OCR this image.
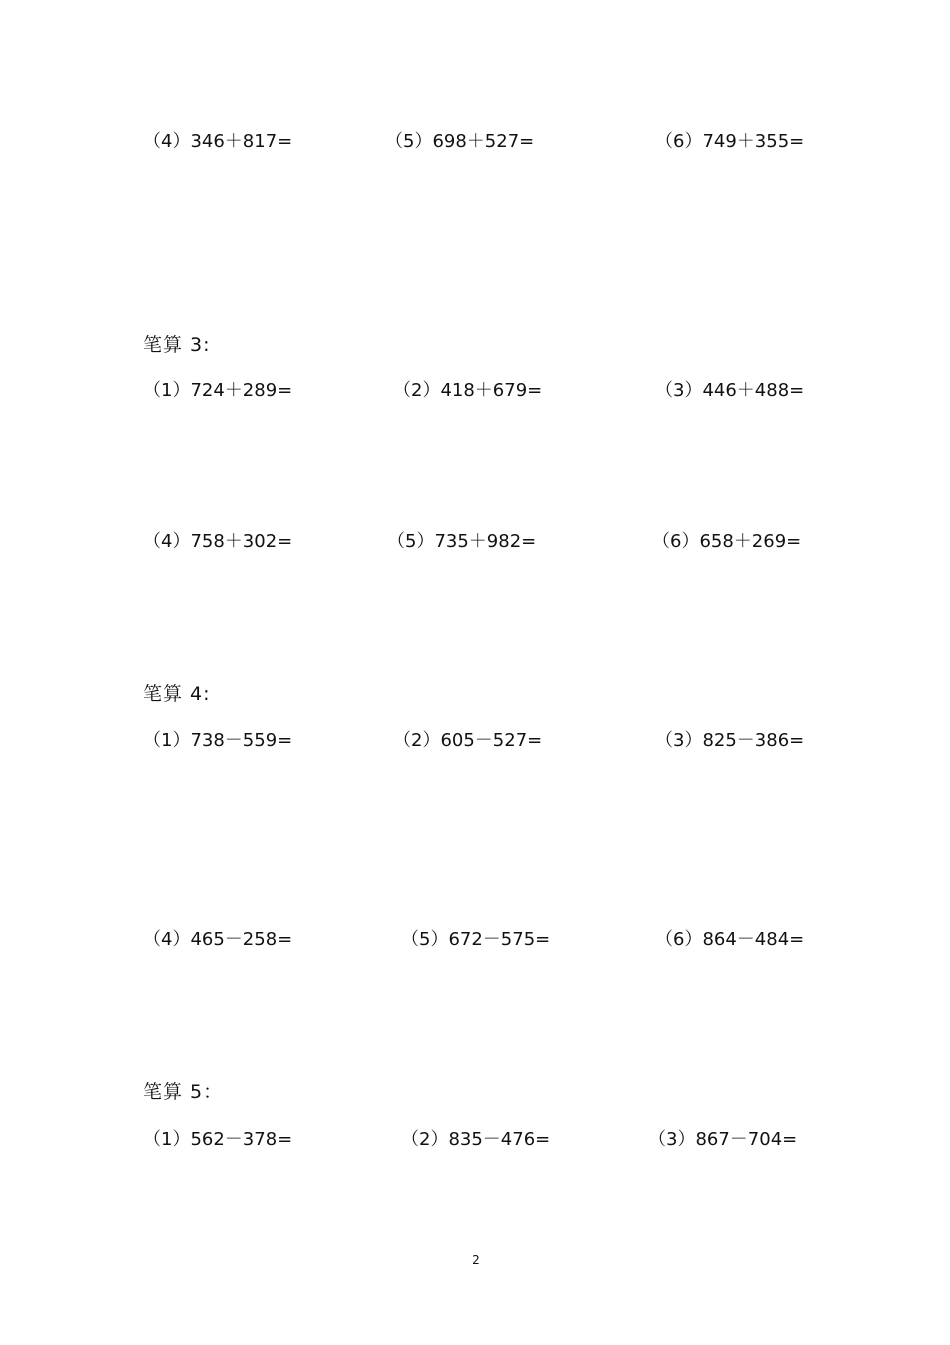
（4）346＋817=	（5）698＋527=	（6）749＋355=
笔算 3:
（1）724＋289=	（2）418＋679=	（3）446＋488=
（4）758＋302=	（5）735＋982=	（6）658＋269=
笔算 4:
（1）738－559=	（2）605－527=	（3）825－386=
（4）465－258=	（5）672－575=	（6）864－484=
笔算 5：
（1）562－378=	（2）835－476=	（3）867－704=
2
